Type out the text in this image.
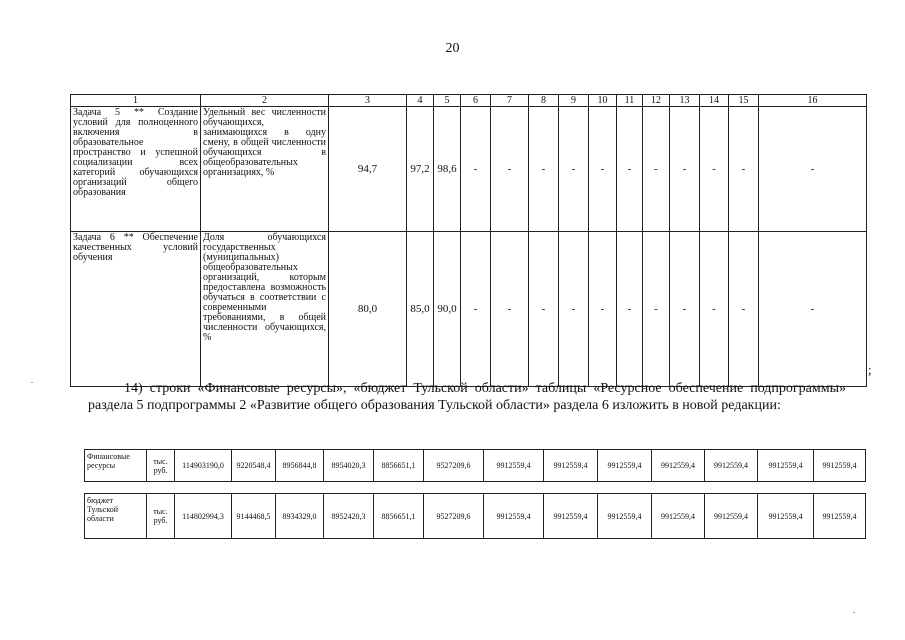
20
1	2	3	4	5	6	7	8	9	10	11	12	13	14	15	16
Задача 5 ** Создание условий для полноценного включения в образовательное пространство и успешной социализации всех категорий обучающихся организаций общего образования	Удельный вес численности обучающихся, занимающихся в одну смену, в общей численности обучающихся в общеобразовательных организациях, %	94,7	97,2	98,6	-	-	-	-	-	-	-	-	-	-	-
Задача 6 ** Обеспечение качественных условий обучения	Доля обучающихся государственных (муниципальных) общеобразовательных организаций, которым предоставлена возможность обучаться в соответствии с современными требованиями, в общей численности обучающихся, %	80,0	85,0	90,0	-	-	-	-	-	-	-	-	-	-	-
;
14) строки «Финансовые ресурсы», «бюджет Тульской области» таблицы «Ресурсное обеспечение подпрограммы» раздела 5 подпрограммы 2 «Развитие общего образования Тульской области» раздела 6 изложить в новой редакции:
Финансовые ресурсы	тыс. руб.	114903190,0	9220548,4	8956844,8	8954020,3	8856651,1	9527209,6	9912559,4	9912559,4	9912559,4	9912559,4	9912559,4	9912559,4	9912559,4
бюджет Тульской области	тыс. руб.	114802994,3	9144468,5	8934329,0	8952420,3	8856651,1	9527209,6	9912559,4	9912559,4	9912559,4	9912559,4	9912559,4	9912559,4	9912559,4
